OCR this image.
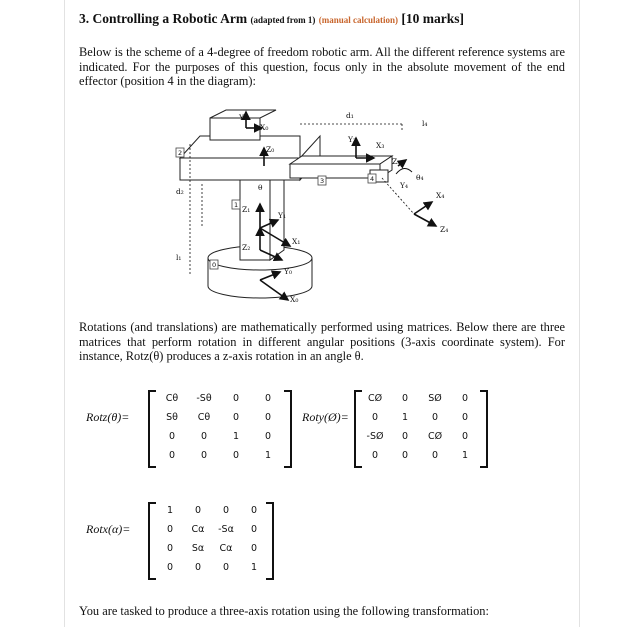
3. Controlling a Robotic Arm (adapted from 1) (manual calculation) [10 marks]
Below is the scheme of a 4-degree of freedom robotic arm. All the different reference systems are indicated. For the purposes of this question, focus only in the absolute movement of the end effector (position 4 in the diagram):
2
1
0
3	4
Y₀
X₀
Z₀
d₁
l₄
Y₃
X₃
Z₃
θ₄
Y₄
X₄
Z₄
d₂	θ
Z₁
Y₁
X₁
l₁
Z₂
Y₀
X₀
Rotations (and translations) are mathematically performed using matrices. Below there are three matrices that perform rotation in different angular positions (3-axis coordinate system). For instance, Rotz(θ) produces a z-axis rotation in an angle θ.
Rotz(θ)=
Cθ	-Sθ	0	0
Sθ	Cθ	0	0
0	0	1	0
0	0	0	1
Roty(Ø)=
CØ	0	SØ	0
0	1	0	0
-SØ	0	CØ	0
0	0	0	1
Rotx(α)=
1	0	0	0
0	Cα	-Sα	0
0	Sα	Cα	0
0	0	0	1
You are tasked to produce a three-axis rotation using the following transformation:
